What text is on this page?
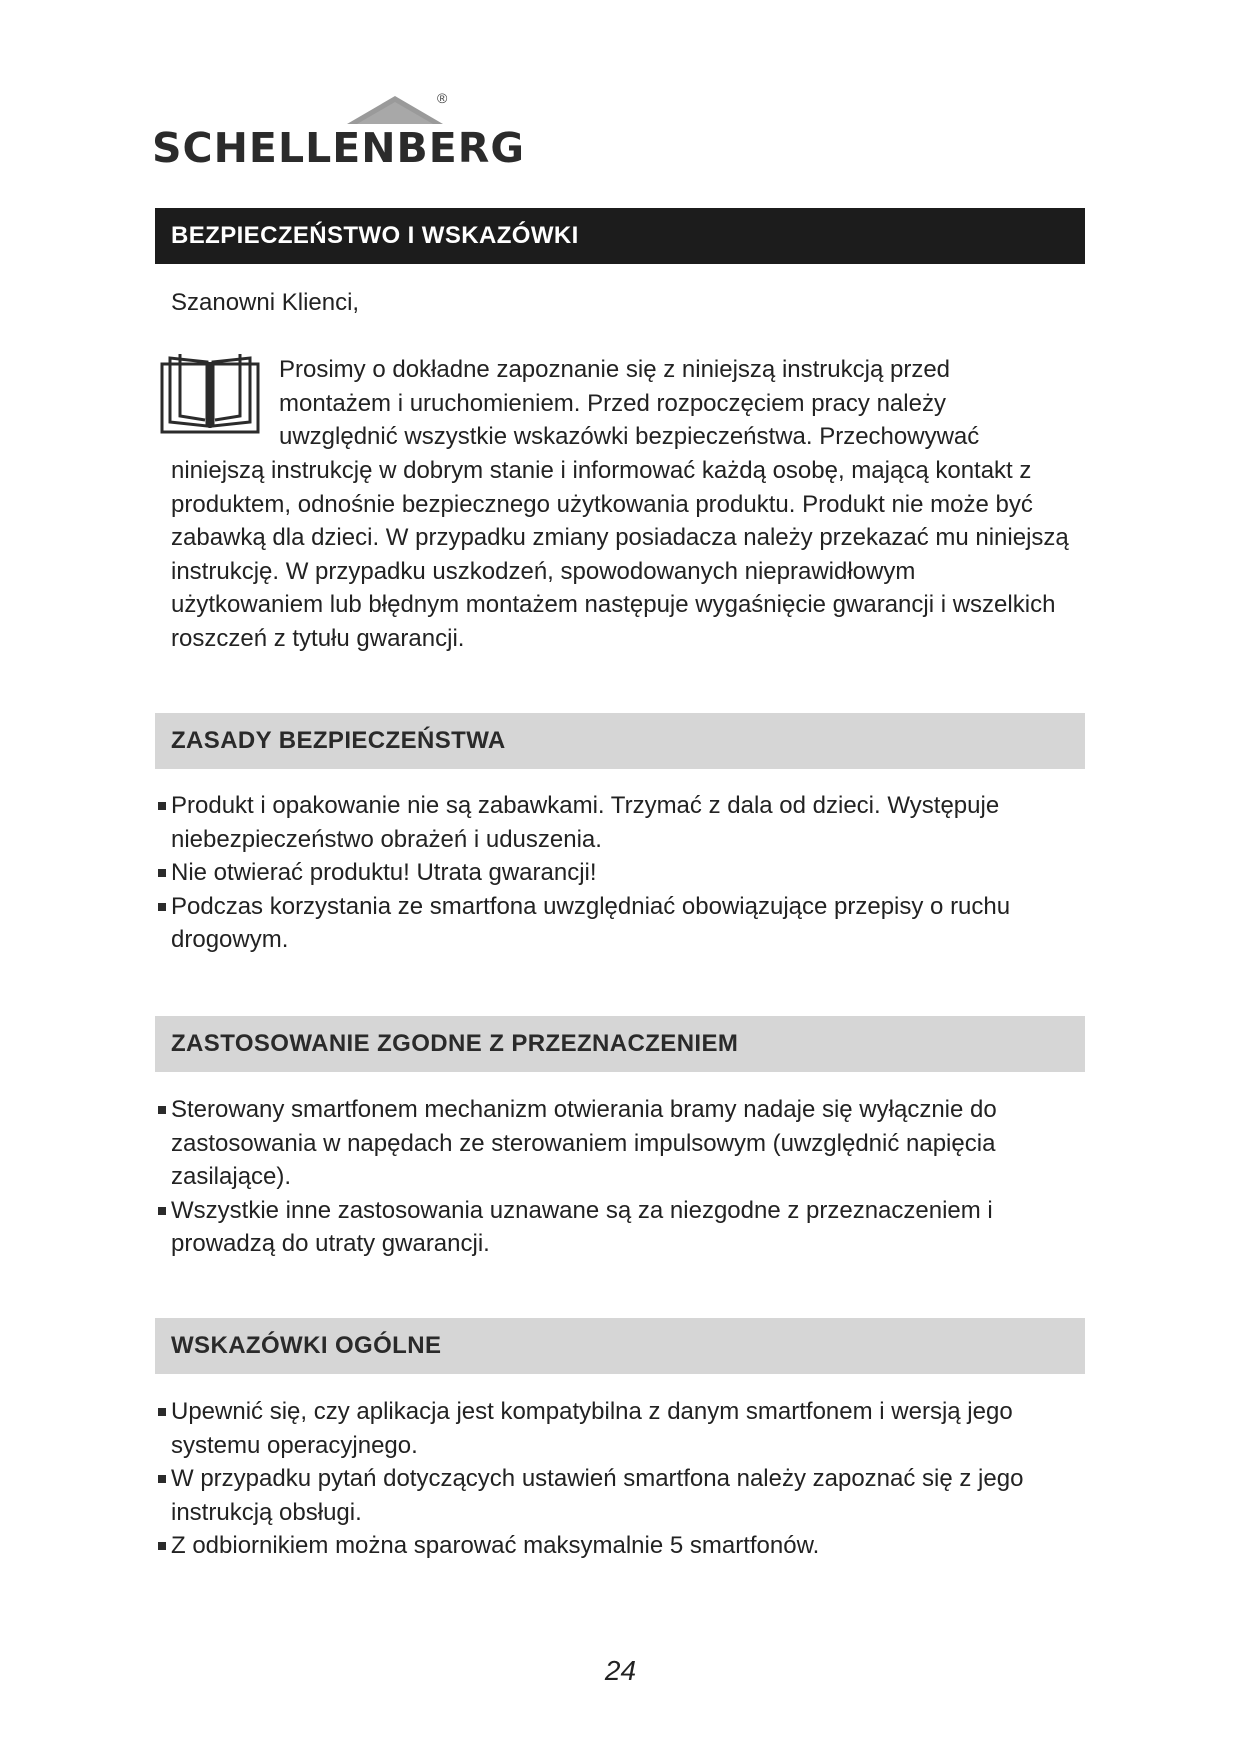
®
SCHELLENBERG
BEZPIECZEŃSTWO I WSKAZÓWKI
Szanowni Klienci,
Prosimy o dokładne zapoznanie się z niniejszą instrukcją przed montażem i uruchomieniem. Przed rozpoczęciem pracy należy uwzględnić wszystkie wskazówki bezpieczeństwa. Przechowywać
niniejszą instrukcję w dobrym stanie i informować każdą osobę, mającą kontakt z produktem, odnośnie bezpiecznego użytkowania produktu. Produkt nie może być zabawką dla dzieci. W przypadku zmiany posiadacza należy przekazać mu niniejszą instrukcję. W przypadku uszkodzeń, spowodowanych nieprawidłowym użytkowaniem lub błędnym montażem następuje wygaśnięcie gwarancji i wszelkich roszczeń z tytułu gwarancji.
ZASADY BEZPIECZEŃSTWA
Produkt i opakowanie nie są zabawkami. Trzymać z dala od dzieci. Występuje niebezpieczeństwo obrażeń i uduszenia.
Nie otwierać produktu! Utrata gwarancji!
Podczas korzystania ze smartfona uwzględniać obowiązujące przepisy o ruchu drogowym.
ZASTOSOWANIE ZGODNE Z PRZEZNACZENIEM
Sterowany smartfonem mechanizm otwierania bramy nadaje się wyłącznie do zastosowania w napędach ze sterowaniem impulsowym (uwzględnić napięcia zasilające).
Wszystkie inne zastosowania uznawane są za niezgodne z przeznaczeniem i prowadzą do utraty gwarancji.
WSKAZÓWKI OGÓLNE
Upewnić się, czy aplikacja jest kompatybilna z danym smartfonem i wersją jego systemu operacyjnego.
W przypadku pytań dotyczących ustawień smartfona należy zapoznać się z jego instrukcją obsługi.
Z odbiornikiem można sparować maksymalnie 5 smartfonów.
24
